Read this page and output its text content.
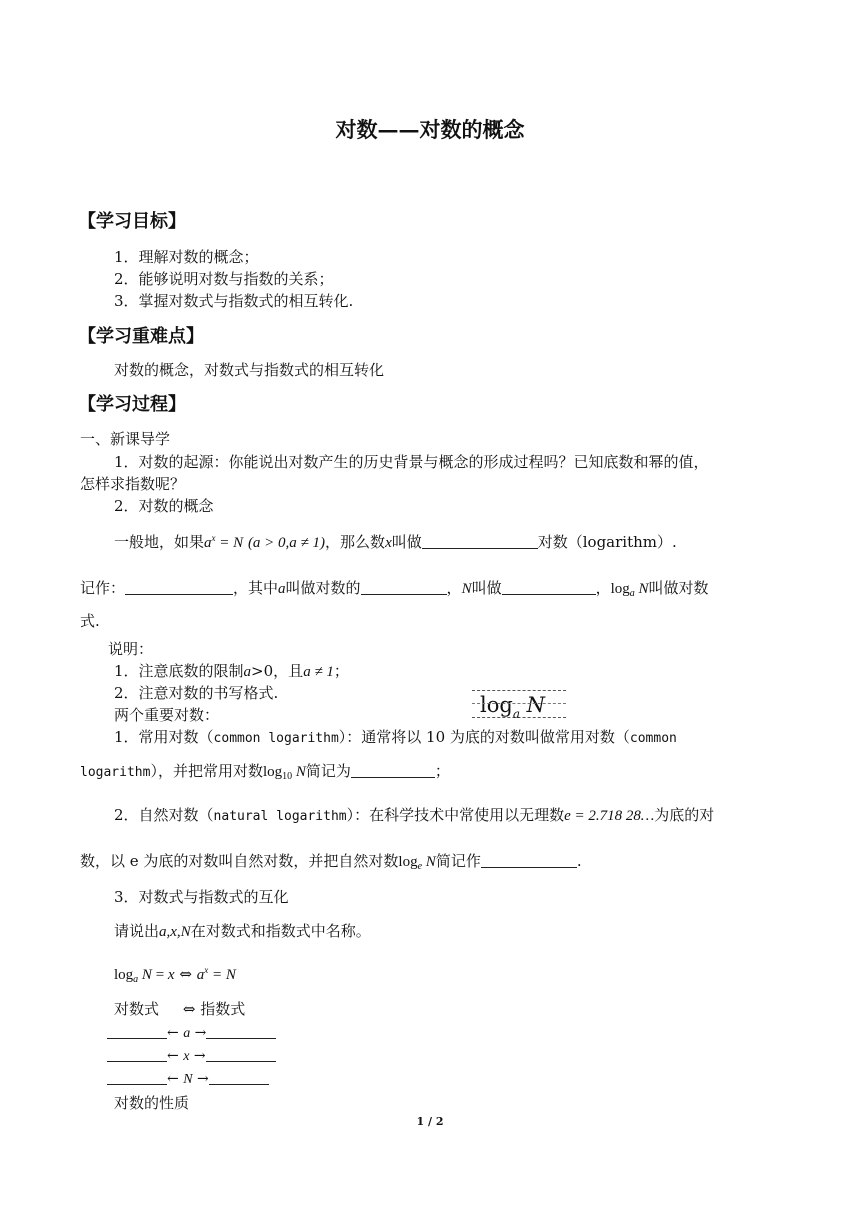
对数——对数的概念
【学习目标】
1．理解对数的概念；
2．能够说明对数与指数的关系；
3．掌握对数式与指数式的相互转化.
【学习重难点】
对数的概念，对数式与指数式的相互转化
【学习过程】
一、新课导学
1．对数的起源：你能说出对数产生的历史背景与概念的形成过程吗？已知底数和幂的值，
怎样求指数呢？
2．对数的概念
一般地，如果$a^x = N$ (a > 0,a ≠ 1)，那么数x叫做	对数（logarithm）.
记作：	，其中a叫做对数的	，N叫做	，$\log_a N$叫做对数
式.
说明：
1．注意底数的限制a>0，且a ≠ 1；
2．注意对数的书写格式.
两个重要对数：
1．常用对数（common logarithm）：通常将以 10 为底的对数叫做常用对数（common
logarithm），并把常用对数$\log_{10} N$简记为	；
$\log_a N$
2．自然对数（natural logarithm）：在科学技术中常使用以无理数e = 2.718 28…为底的对
数，以 e 为底的对数叫自然对数，并把自然对数$\log_e N$简记作	.
3．对数式与指数式的互化
请说出a,x,N在对数式和指数式中名称。
$\log_a N = x$ ⇔ $a^x = N$
对数式 ⇔ 指数式
← a →
← x →
← N →
对数的性质
1 / 2
